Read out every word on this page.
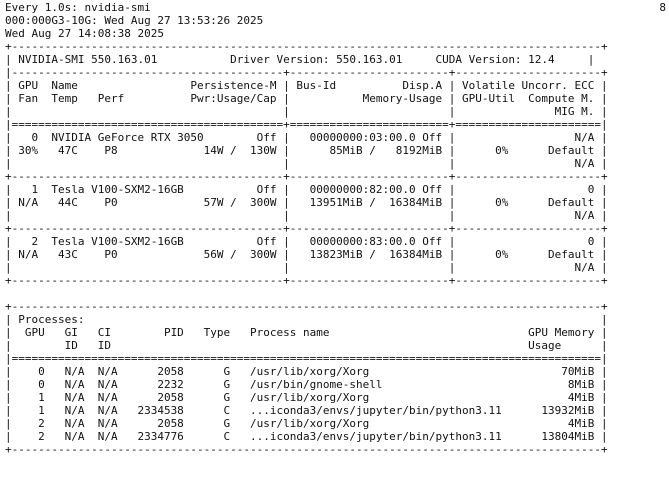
8
Every 1.0s: nvidia-smi
000:000G3-10G: Wed Aug 27 13:53:26 2025
Wed Aug 27 14:08:38 2025
+-----------------------------------------------------------------------------------------+
| NVIDIA-SMI 550.163.01           Driver Version: 550.163.01     CUDA Version: 12.4     |
|-----------------------------------------+------------------------+----------------------+
| GPU  Name                 Persistence-M | Bus-Id          Disp.A | Volatile Uncorr. ECC |
| Fan  Temp   Perf          Pwr:Usage/Cap |           Memory-Usage | GPU-Util  Compute M. |
|                                         |                        |               MIG M. |
|=========================================+========================+======================|
|   0  NVIDIA GeForce RTX 3050        Off |   00000000:03:00.0 Off |                  N/A |
| 30%   47C    P8             14W /  130W |      85MiB /   8192MiB |      0%      Default |
|                                         |                        |                  N/A |
+-----------------------------------------+------------------------+----------------------+
|   1  Tesla V100-SXM2-16GB           Off |   00000000:82:00.0 Off |                    0 |
| N/A   44C    P0             57W /  300W |   13951MiB /  16384MiB |      0%      Default |
|                                         |                        |                  N/A |
+-----------------------------------------+------------------------+----------------------+
|   2  Tesla V100-SXM2-16GB           Off |   00000000:83:00.0 Off |                    0 |
| N/A   43C    P0             56W /  300W |   13823MiB /  16384MiB |      0%      Default |
|                                         |                        |                  N/A |
+-----------------------------------------+------------------------+----------------------+
+-----------------------------------------------------------------------------------------+
| Processes:                                                                              |
|  GPU   GI   CI        PID   Type   Process name                              GPU Memory |
|        ID   ID                                                               Usage      |
|=========================================================================================|
|    0   N/A  N/A      2058      G   /usr/lib/xorg/Xorg                             70MiB |
|    0   N/A  N/A      2232      G   /usr/bin/gnome-shell                            8MiB |
|    1   N/A  N/A      2058      G   /usr/lib/xorg/Xorg                              4MiB |
|    1   N/A  N/A   2334538      C   ...iconda3/envs/jupyter/bin/python3.11      13932MiB |
|    2   N/A  N/A      2058      G   /usr/lib/xorg/Xorg                              4MiB |
|    2   N/A  N/A   2334776      C   ...iconda3/envs/jupyter/bin/python3.11      13804MiB |
+-----------------------------------------------------------------------------------------+
